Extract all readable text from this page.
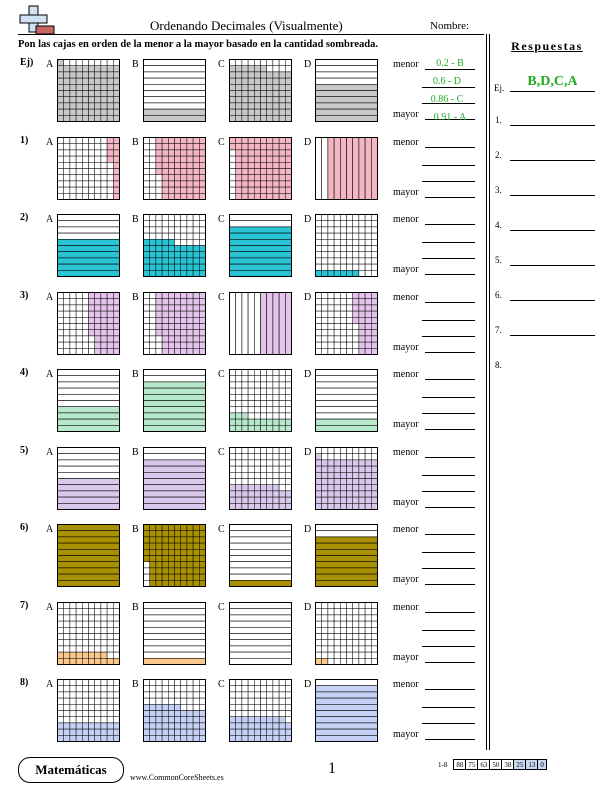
Ordenando Decimales (Visualmente)	Nombre:
Pon las cajas en orden de la menor a la mayor basado en la cantidad sombreada.	Respuestas
Ej.	B,D,C,A
1.
2.
3.
4.
5.
6.
7.
8.
Ej) A	B	C	D	menor
mayor
0.2 - B
0.6 - D
0.86 - C
0.91 - A
1) A	B	C	D	menor
mayor
2) A	B	C	D	menor
mayor
3) A	B	C	D	menor
mayor
4) A	B	C	D	menor
mayor
5) A	B	C	D	menor
mayor
6) A	B	C	D	menor
mayor
7) A	B	C	D	menor
mayor
8) A	B	C	D	menor
mayor
Matemáticas
www.CommonCoreSheets.es
1	1-8	88	75	63	50	38	25	13	0
